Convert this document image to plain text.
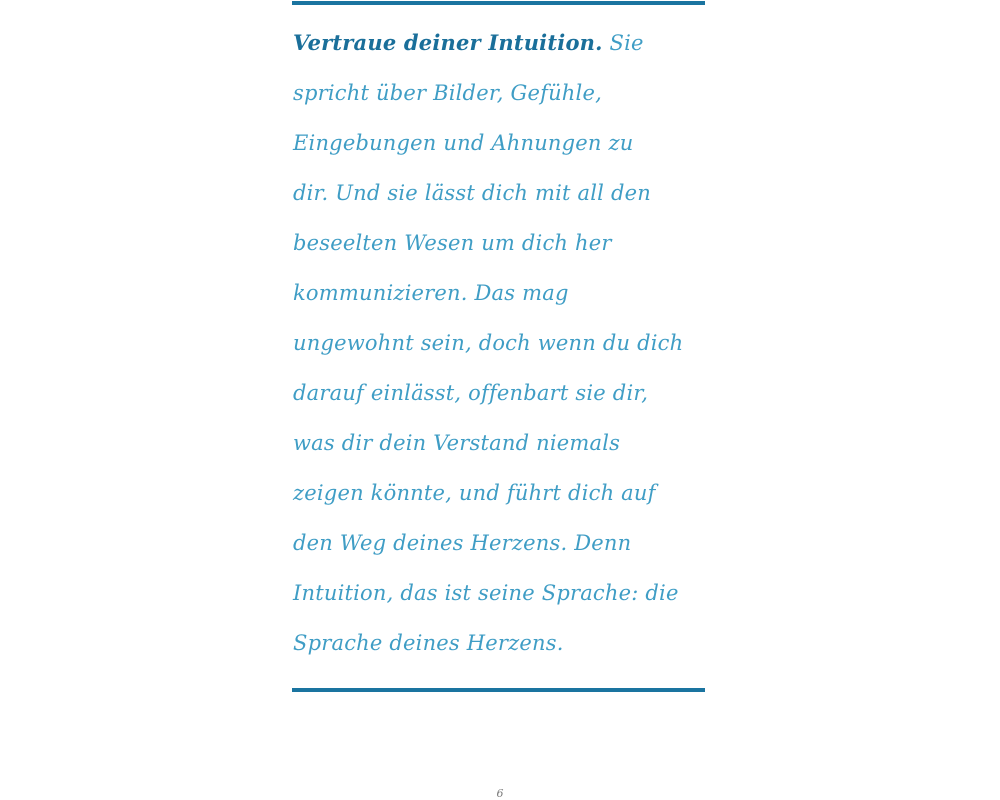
Vertraue deiner Intuition. Sie
spricht über Bilder, Gefühle,
Eingebungen und Ahnungen zu
dir. Und sie lässt dich mit all den
beseelten Wesen um dich her
kommunizieren. Das mag
ungewohnt sein, doch wenn du dich
darauf einlässt, offenbart sie dir,
was dir dein Verstand niemals
zeigen könnte, und führt dich auf
den Weg deines Herzens. Denn
Intuition, das ist seine Sprache: die
Sprache deines Herzens.
6
